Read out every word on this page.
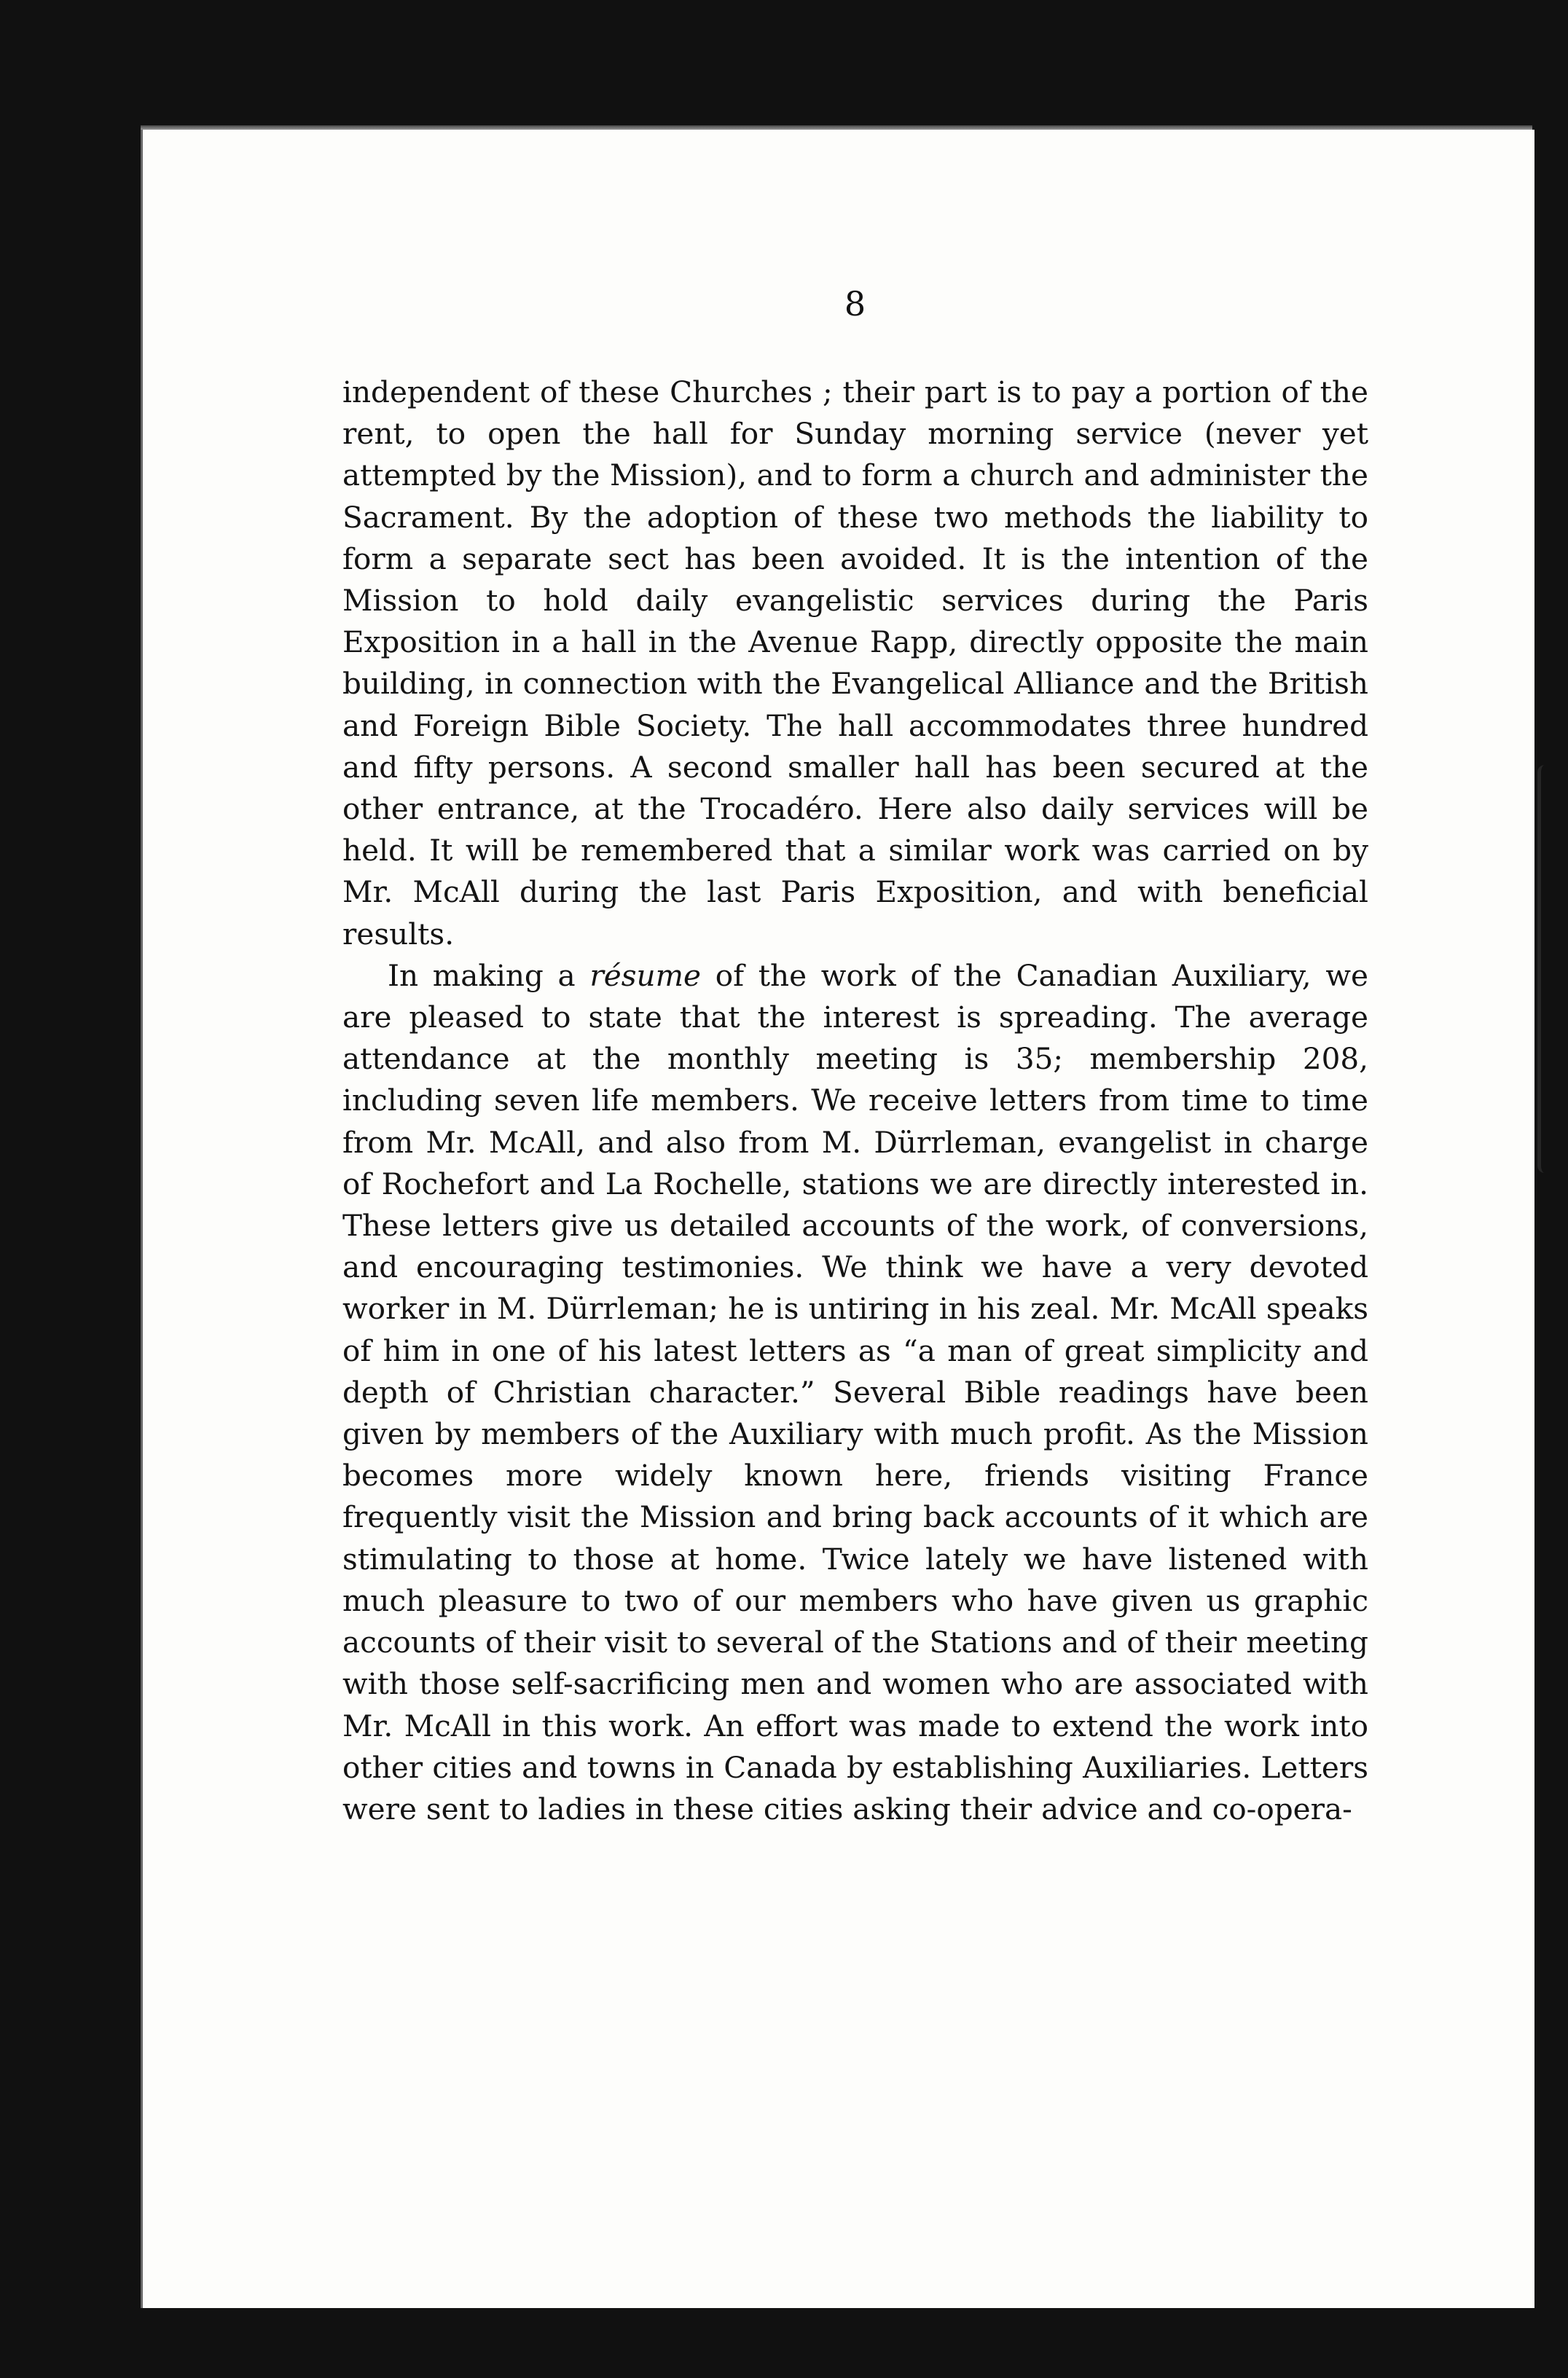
8

independent of these Churches ; their part is to pay a portion of the rent, to open the hall for Sunday morning service (never yet attempted by the Mission), and to form a church and administer the Sacrament. By the adoption of these two methods the liability to form a separate sect has been avoided. It is the intention of the Mission to hold daily evangelistic services during the Paris Exposition in a hall in the Avenue Rapp, directly opposite the main building, in connection with the Evangelical Alliance and the British and Foreign Bible Society. The hall accommodates three hundred and fifty persons. A second smaller hall has been secured at the other entrance, at the Trocadéro. Here also daily services will be held. It will be remembered that a similar work was carried on by Mr. McAll during the last Paris Exposition, and with beneficial results.

In making a résume of the work of the Canadian Auxiliary, we are pleased to state that the interest is spreading. The average attendance at the monthly meeting is 35; membership 208, including seven life members. We receive letters from time to time from Mr. McAll, and also from M. Dürrleman, evangelist in charge of Rochefort and La Rochelle, stations we are directly interested in. These letters give us detailed accounts of the work, of conversions, and encouraging testimonies. We think we have a very devoted worker in M. Dürrleman; he is untiring in his zeal. Mr. McAll speaks of him in one of his latest letters as “a man of great simplicity and depth of Christian character.” Several Bible readings have been given by members of the Auxiliary with much profit. As the Mission becomes more widely known here, friends visiting France frequently visit the Mission and bring back accounts of it which are stimulating to those at home. Twice lately we have listened with much pleasure to two of our members who have given us graphic accounts of their visit to several of the Stations and of their meeting with those self-sacrificing men and women who are associated with Mr. McAll in this work. An effort was made to extend the work into other cities and towns in Canada by establishing Auxiliaries. Letters were sent to ladies in these cities asking their advice and co-opera-
